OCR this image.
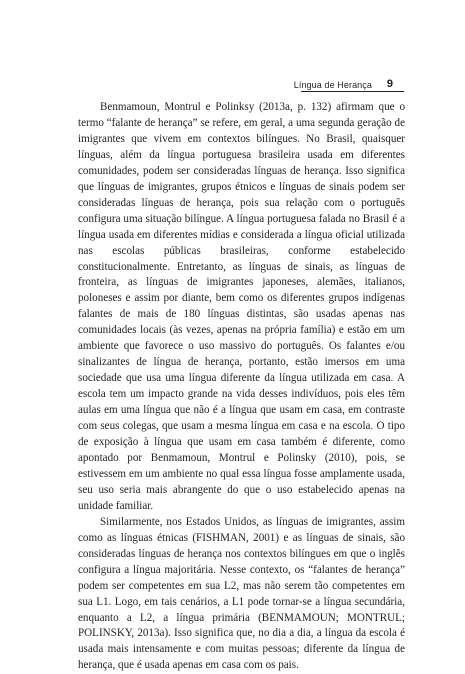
Língua de Herança 9

Benmamoun, Montrul e Polinksy (2013a, p. 132) afirmam que o termo “falante de herança” se refere, em geral, a uma segunda geração de imigrantes que vivem em contextos bilíngues. No Brasil, quaisquer línguas, além da língua portuguesa brasileira usada em diferentes comunidades, podem ser consideradas línguas de herança. Isso significa que línguas de imigrantes, grupos étnicos e línguas de sinais podem ser consideradas línguas de herança, pois sua relação com o português configura uma situação bilíngue. A língua portuguesa falada no Brasil é a língua usada em diferentes mídias e considerada a língua oficial utilizada nas escolas públicas brasileiras, conforme estabelecido constitucionalmente. Entretanto, as línguas de sinais, as línguas de fronteira, as línguas de imigrantes japoneses, alemães, italianos, poloneses e assim por diante, bem como os diferentes grupos indígenas falantes de mais de 180 línguas distintas, são usadas apenas nas comunidades locais (às vezes, apenas na própria família) e estão em um ambiente que favorece o uso massivo do português. Os falantes e/ou sinalizantes de língua de herança, portanto, estão imersos em uma sociedade que usa uma língua diferente da língua utilizada em casa. A escola tem um impacto grande na vida desses indivíduos, pois eles têm aulas em uma língua que não é a língua que usam em casa, em contraste com seus colegas, que usam a mesma língua em casa e na escola. O tipo de exposição à língua que usam em casa também é diferente, como apontado por Benmamoun, Montrul e Polinsky (2010), pois, se estivessem em um ambiente no qual essa língua fosse amplamente usada, seu uso seria mais abrangente do que o uso estabelecido apenas na unidade familiar.

Similarmente, nos Estados Unidos, as línguas de imigrantes, assim como as línguas étnicas (FISHMAN, 2001) e as línguas de sinais, são consideradas línguas de herança nos contextos bilíngues em que o inglês configura a língua majoritária. Nesse contexto, os “falantes de herança” podem ser competentes em sua L2, mas não serem tão competentes em sua L1. Logo, em tais cenários, a L1 pode tornar-se a língua secundária, enquanto a L2, a língua primária (BENMAMOUN; MONTRUL; POLINSKY, 2013a). Isso significa que, no dia a dia, a língua da escola é usada mais intensamente e com muitas pessoas; diferente da língua de herança, que é usada apenas em casa com os pais.
